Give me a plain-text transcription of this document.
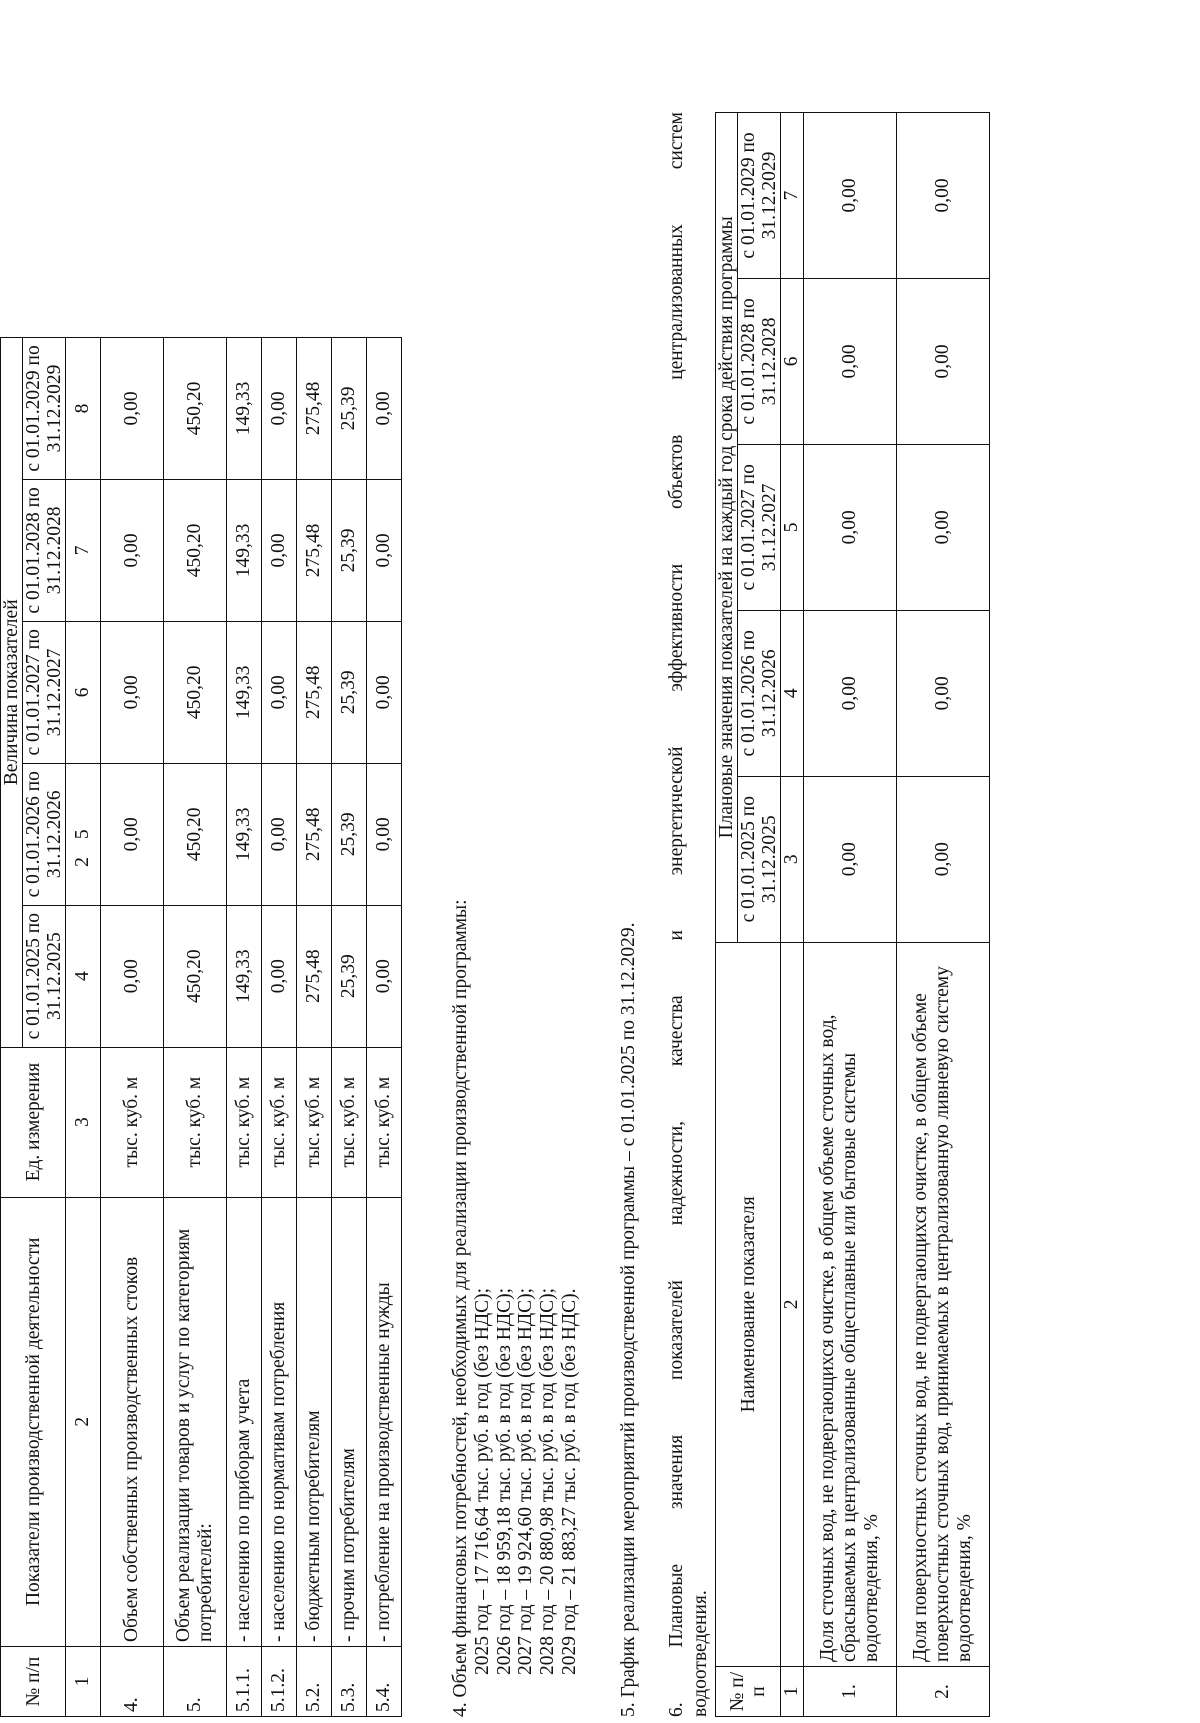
2
№ п/п	Показатели производственной деятельности	Ед. измерения	Величина показателей				
			с 01.01.2025 по 31.12.2025	с 01.01.2026 по 31.12.2026	с 01.01.2027 по 31.12.2027	с 01.01.2028 по 31.12.2028	с 01.01.2029 по 31.12.2029
1	2	3	4	5	6	7	8
4.	Объем собственных производственных стоков	тыс. куб. м	0,00	0,00	0,00	0,00	0,00
5.	Объем реализации товаров и услуг по категориям потребителей:	тыс. куб. м	450,20	450,20	450,20	450,20	450,20
5.1.1.	- населению по приборам учета	тыс. куб. м	149,33	149,33	149,33	149,33	149,33
5.1.2.	- населению по нормативам потребления	тыс. куб. м	0,00	0,00	0,00	0,00	0,00
5.2.	- бюджетным потребителям	тыс. куб. м	275,48	275,48	275,48	275,48	275,48
5.3.	- прочим потребителям	тыс. куб. м	25,39	25,39	25,39	25,39	25,39
5.4.	- потребление на производственные нужды	тыс. куб. м	0,00	0,00	0,00	0,00	0,00
4. Объем финансовых потребностей, необходимых для реализации производственной программы: 2025 год – 17 716,64 тыс. руб. в год (без НДС); 2026 год – 18 959,18 тыс. руб. в год (без НДС); 2027 год – 19 924,60 тыс. руб. в год (без НДС); 2028 год – 20 880,98 тыс. руб. в год (без НДС); 2029 год – 21 883,27 тыс. руб. в год (без НДС). 5. График реализации мероприятий производственной программы – с 01.01.2025 по 31.12.2029. 6. Плановые значения показателей надежности, качества и энергетической эффективности объектов централизованных систем водоотведения. № п/п	Наименование показателя	Плановые значения показателей на каждый год срока действия программы				
		с 01.01.2025 по 31.12.2025	с 01.01.2026 по 31.12.2026	с 01.01.2027 по 31.12.2027	с 01.01.2028 по 31.12.2028	с 01.01.2029 по 31.12.2029
1	2	3	4	5	6	7
1.	Доля сточных вод, не подвергающихся очистке, в общем объеме сточных вод, сбрасываемых в централизованные общесплавные или бытовые системы водоотведения, %	0,00	0,00	0,00	0,00	0,00
2.	Доля поверхностных сточных вод, не подвергающихся очистке, в общем объеме поверхностных сточных вод, принимаемых в централизованную ливневую систему водоотведения, %	0,00	0,00	0,00	0,00	0,00
